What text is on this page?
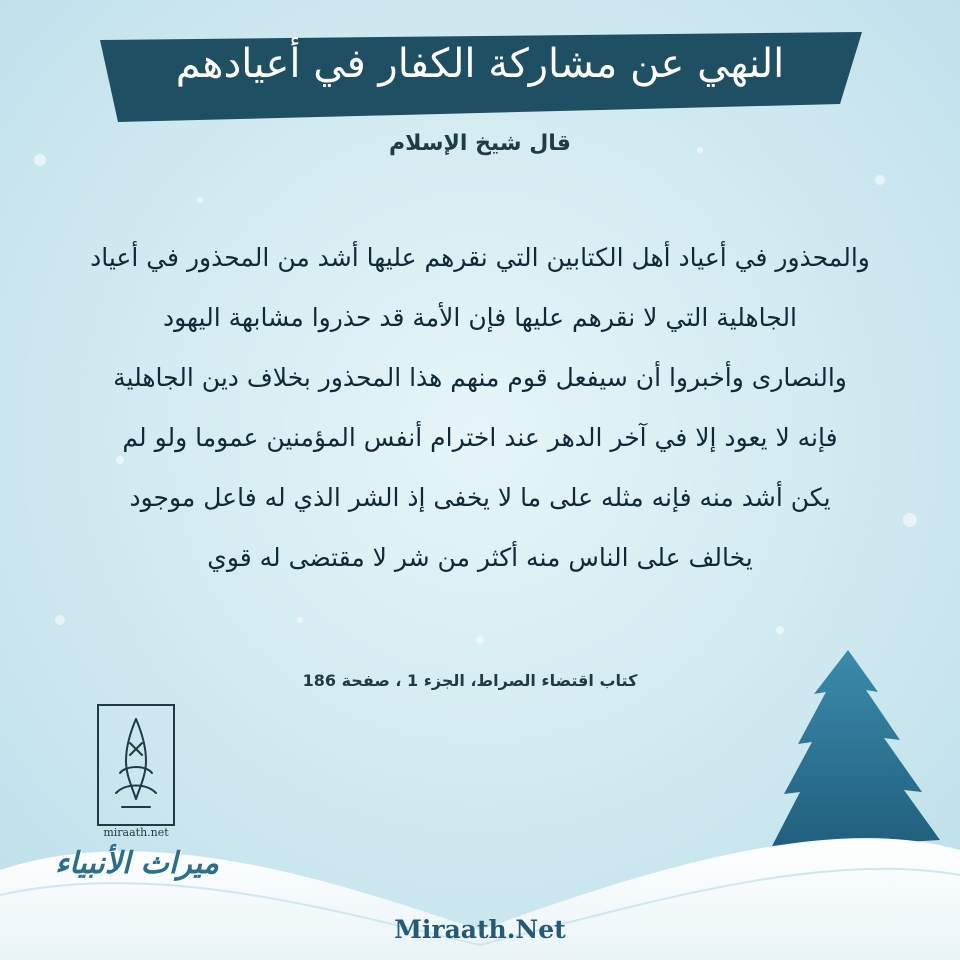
النهي عن مشاركة الكفار في أعيادهم
قال شيخ الإسلام
والمحذور في أعياد أهل الكتابين التي نقرهم عليها أشد من المحذور في أعياد
الجاهلية التي لا نقرهم عليها فإن الأمة قد حذروا مشابهة اليهود
والنصارى وأخبروا أن سيفعل قوم منهم هذا المحذور بخلاف دين الجاهلية
فإنه لا يعود إلا في آخر الدهر عند اخترام أنفس المؤمنين عموما ولو لم
يكن أشد منه فإنه مثله على ما لا يخفى إذ الشر الذي له فاعل موجود
يخالف على الناس منه أكثر من شر لا مقتضى له قوي
كتاب اقتضاء الصراط، الجزء 1 ، صفحة 186
miraath.net
ميراث الأنبياء
Miraath.Net
